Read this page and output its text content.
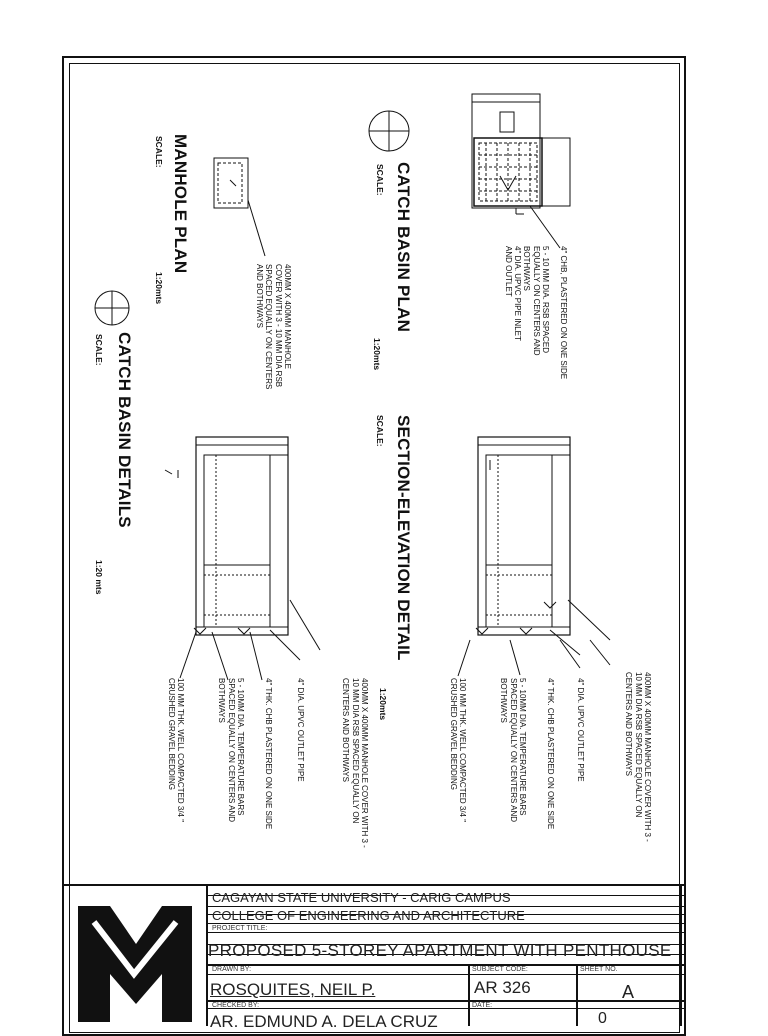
CATCH BASIN PLAN
SCALE:
1:20mts
MANHOLE PLAN
SCALE:
1:20mts
SECTION-ELEVATION DETAIL
SCALE:
1:20mts
CATCH BASIN DETAILS
SCALE:
1:20 mts
4" CHB, PLASTERED ON ONE SIDE
5 - 10 MM DIA. RSB SPACED EQUALLY ON CENTERS AND BOTHWAYS
4" DIA. UPVC PIPE INLET AND OUTLET
400MM X 400MM MANHOLE COVER WITH 3 - 10 MM DIA RSB SPACED EQUALLY ON CENTERS AND BOTHWAYS
400MM X 400MM MANHOLE COVER WITH 3 - 10 MM DIA RSB SPACED EQUALLY ON CENTERS AND BOTHWAYS
4" DIA. UPVC OUTLET PIPE
4" THK. CHB PLASTERED ON ONE SIDE
5 - 10MM DIA. TEMPERATURE BARS SPACED EQUALLY ON CENTERS AND BOTHWAYS
100 MM THK. WELL COMPACTED 3/4 " CRUSHED GRAVEL BEDDING
400MM X 400MM MANHOLE COVER WITH 3 - 10 MM DIA RSB SPACED EQUALLY ON CENTERS AND BOTHWAYS
4" DIA. UPVC OUTLET PIPE
4" THK. CHB PLASTERED ON ONE SIDE
5 - 10MM DIA. TEMPERATURE BARS SPACED EQUALLY ON CENTERS AND BOTHWAYS
100 MM THK. WELL COMPACTED 3/4 " CRUSHED GRAVEL BEDDING
CAGAYAN STATE UNIVERSITY - CARIG CAMPUS
COLLEGE OF ENGINEERING AND ARCHITECTURE
PROJECT TITLE:
PROPOSED 5-STOREY APARTMENT WITH PENTHOUSE
DRAWN BY:
ROSQUITES, NEIL P.
SUBJECT CODE:
AR 326
SHEET NO.
A
CHECKED BY:
AR. EDMUND A. DELA CRUZ
DATE:
0
